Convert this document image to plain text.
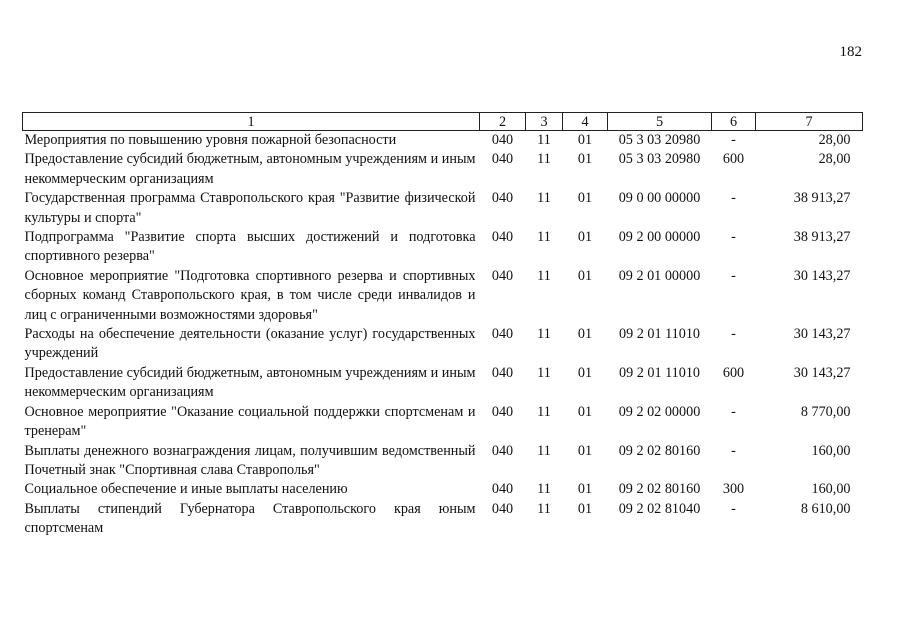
182
1	2	3	4	5	6	7
Мероприятия по повышению уровня пожарной безопасности	040	11	01	05 3 03 20980	-	28,00
Предоставление субсидий бюджетным, автономным учреждениям и иным некоммерческим организациям	040	11	01	05 3 03 20980	600	28,00
Государственная программа Ставропольского края "Развитие физической культуры и спорта"	040	11	01	09 0 00 00000	-	38 913,27
Подпрограмма "Развитие спорта высших достижений и подготовка спортивного резерва"	040	11	01	09 2 00 00000	-	38 913,27
Основное мероприятие "Подготовка спортивного резерва и спортивных сборных команд Ставропольского края, в том числе среди инвалидов и лиц с ограниченными возможностями здоровья"	040	11	01	09 2 01 00000	-	30 143,27
Расходы на обеспечение деятельности (оказание услуг) государственных учреждений	040	11	01	09 2 01 11010	-	30 143,27
Предоставление субсидий бюджетным, автономным учреждениям и иным некоммерческим организациям	040	11	01	09 2 01 11010	600	30 143,27
Основное мероприятие "Оказание социальной поддержки спортсменам и тренерам"	040	11	01	09 2 02 00000	-	8 770,00
Выплаты денежного вознаграждения лицам, получившим ведомственный Почетный знак "Спортивная слава Ставрополья"	040	11	01	09 2 02 80160	-	160,00
Социальное обеспечение и иные выплаты населению	040	11	01	09 2 02 80160	300	160,00
Выплаты стипендий Губернатора Ставропольского края юным спортсменам	040	11	01	09 2 02 81040	-	8 610,00
